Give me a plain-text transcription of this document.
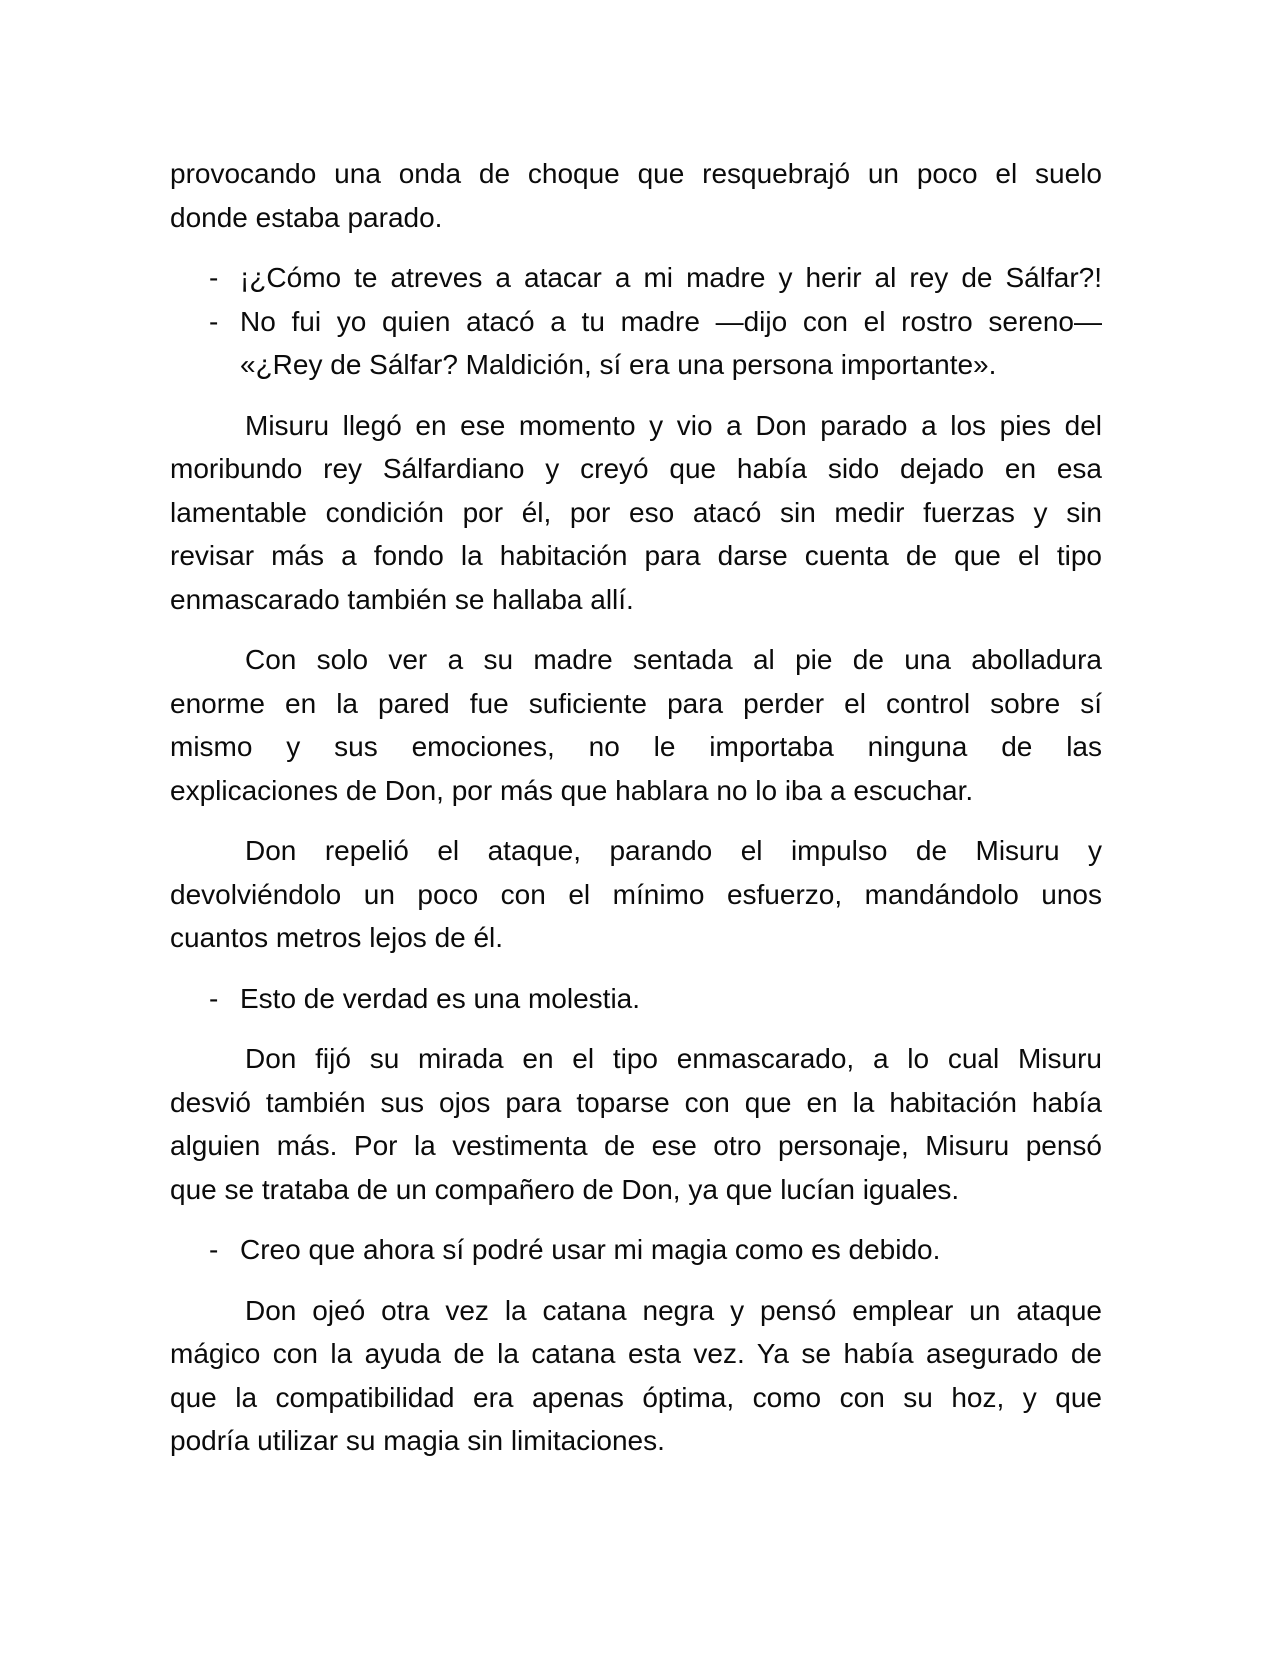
provocando una onda de choque que resquebrajó un poco el suelo
donde estaba parado.
- ¡¿Cómo te atreves a atacar a mi madre y herir al rey de Sálfar?!
- No fui yo quien atacó a tu madre —dijo con el rostro sereno—
«¿Rey de Sálfar? Maldición, sí era una persona importante».
Misuru llegó en ese momento y vio a Don parado a los pies del
moribundo rey Sálfardiano y creyó que había sido dejado en esa
lamentable condición por él, por eso atacó sin medir fuerzas y sin
revisar más a fondo la habitación para darse cuenta de que el tipo
enmascarado también se hallaba allí.
Con solo ver a su madre sentada al pie de una abolladura
enorme en la pared fue suficiente para perder el control sobre sí
mismo y sus emociones, no le importaba ninguna de las
explicaciones de Don, por más que hablara no lo iba a escuchar.
Don repelió el ataque, parando el impulso de Misuru y
devolviéndolo un poco con el mínimo esfuerzo, mandándolo unos
cuantos metros lejos de él.
- Esto de verdad es una molestia.
Don fijó su mirada en el tipo enmascarado, a lo cual Misuru
desvió también sus ojos para toparse con que en la habitación había
alguien más. Por la vestimenta de ese otro personaje, Misuru pensó
que se trataba de un compañero de Don, ya que lucían iguales.
- Creo que ahora sí podré usar mi magia como es debido.
Don ojeó otra vez la catana negra y pensó emplear un ataque
mágico con la ayuda de la catana esta vez. Ya se había asegurado de
que la compatibilidad era apenas óptima, como con su hoz, y que
podría utilizar su magia sin limitaciones.
